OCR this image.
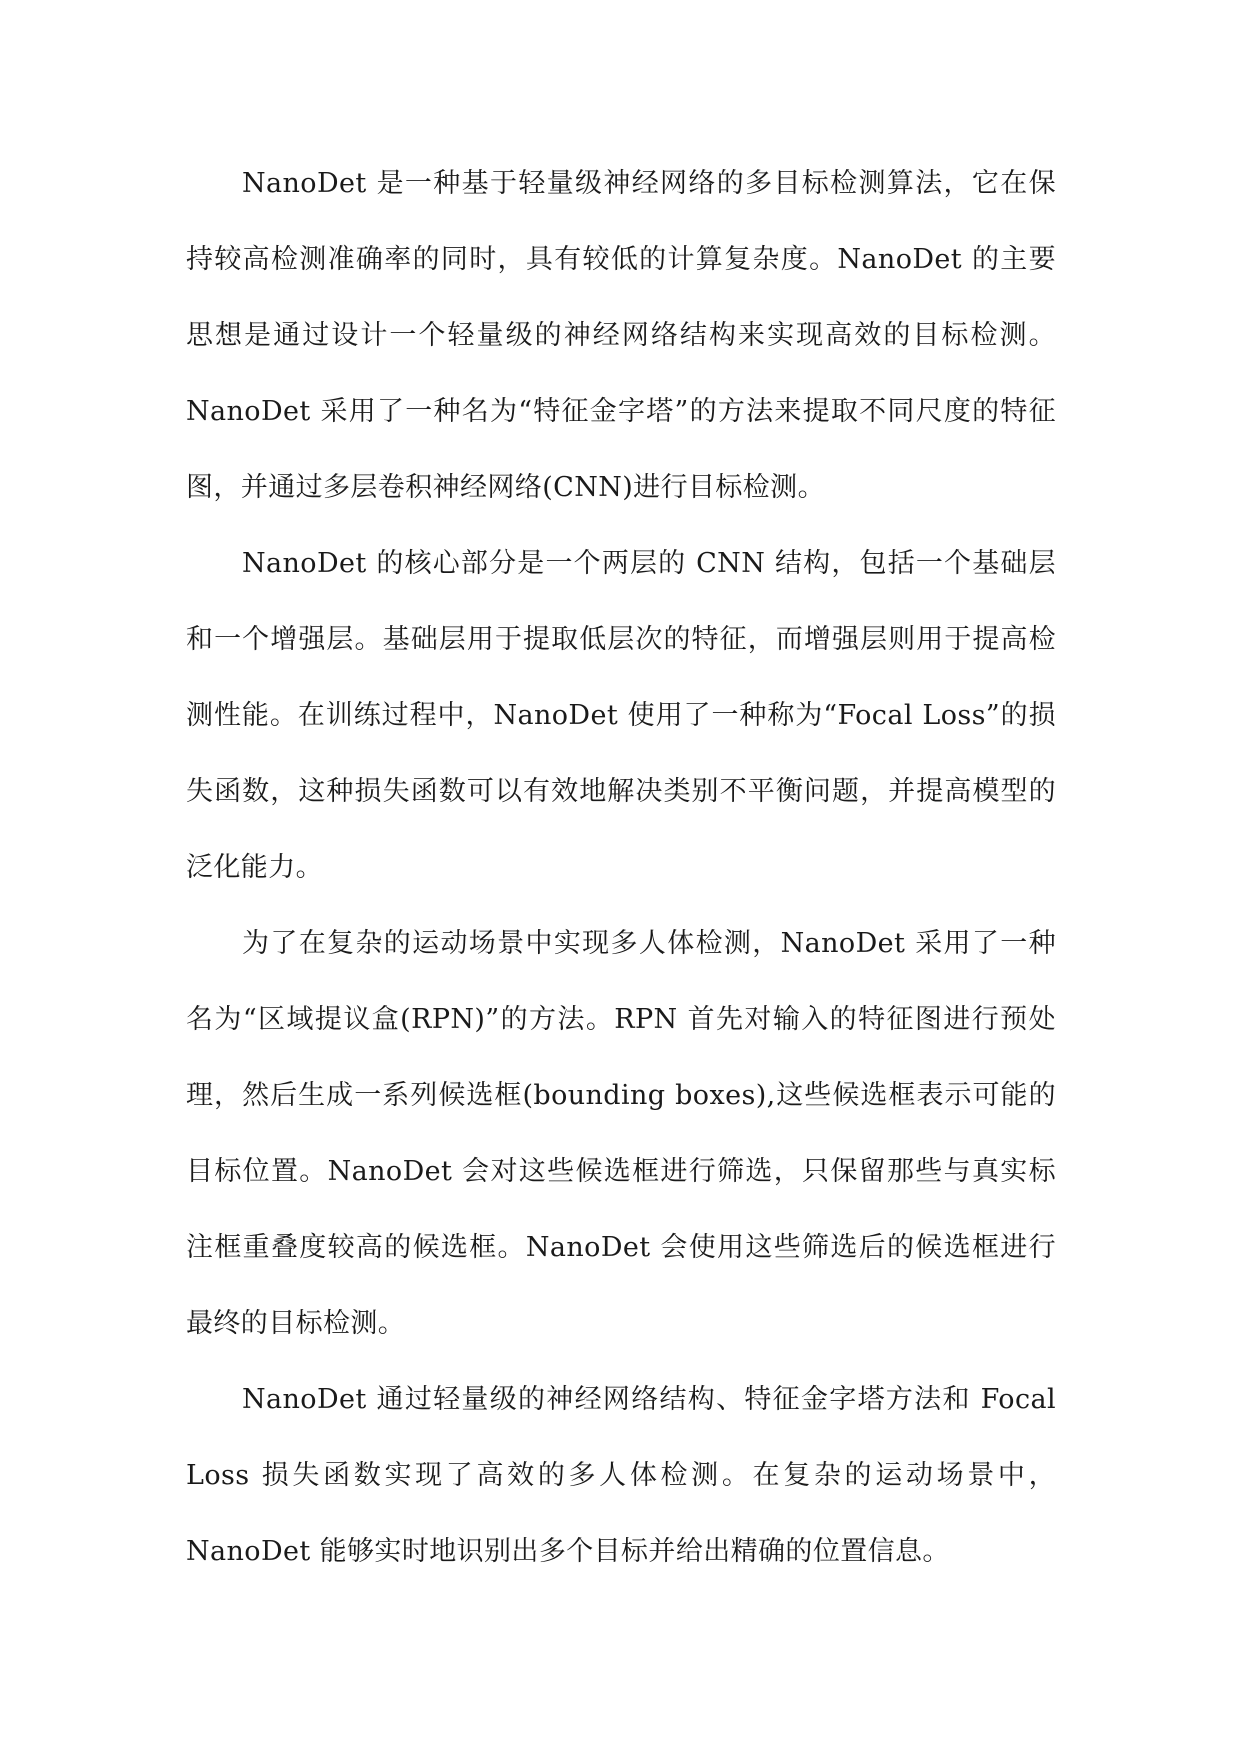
NanoDet 是一种基于轻量级神经网络的多目标检测算法，它在保持较高检测准确率的同时，具有较低的计算复杂度。NanoDet 的主要思想是通过设计一个轻量级的神经网络结构来实现高效的目标检测。NanoDet 采用了一种名为“特征金字塔”的方法来提取不同尺度的特征图，并通过多层卷积神经网络(CNN)进行目标检测。

NanoDet 的核心部分是一个两层的 CNN 结构，包括一个基础层和一个增强层。基础层用于提取低层次的特征，而增强层则用于提高检测性能。在训练过程中，NanoDet 使用了一种称为“Focal Loss”的损失函数，这种损失函数可以有效地解决类别不平衡问题，并提高模型的泛化能力。

为了在复杂的运动场景中实现多人体检测，NanoDet 采用了一种名为“区域提议盒(RPN)”的方法。RPN 首先对输入的特征图进行预处理，然后生成一系列候选框(bounding boxes),这些候选框表示可能的目标位置。NanoDet 会对这些候选框进行筛选，只保留那些与真实标注框重叠度较高的候选框。NanoDet 会使用这些筛选后的候选框进行最终的目标检测。

NanoDet 通过轻量级的神经网络结构、特征金字塔方法和 Focal Loss 损失函数实现了高效的多人体检测。在复杂的运动场景中，NanoDet 能够实时地识别出多个目标并给出精确的位置信息。
